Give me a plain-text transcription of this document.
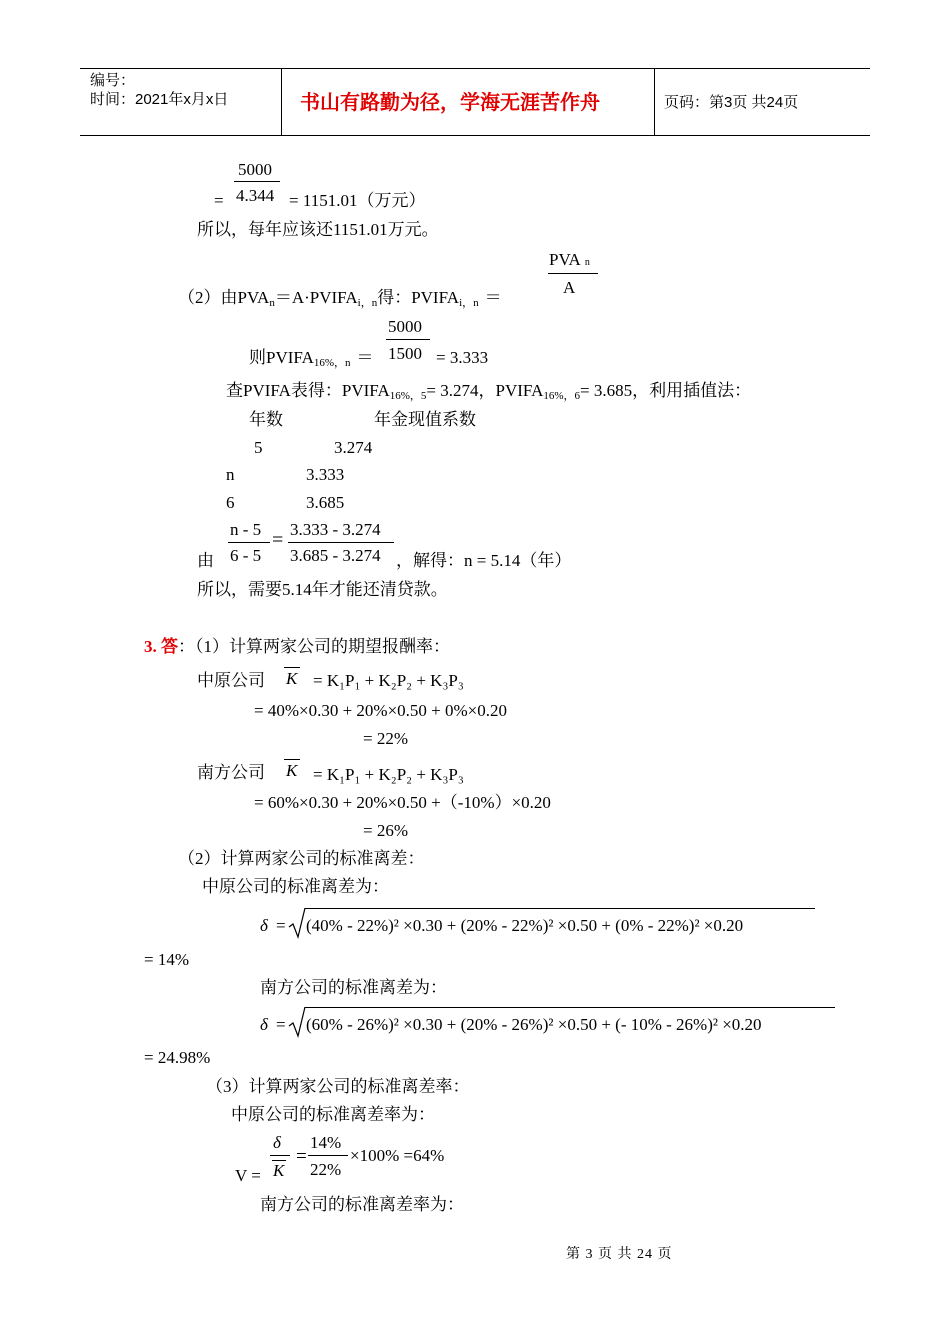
编号：
时间：2021年x月x日	书山有路勤为径，学海无涯苦作舟	页码：第3页 共24页
5000
4.344
=	= 1151.01（万元）
所以，每年应该还1151.01万元。
PVA n
A
（2）由$PVA_n=A\cdot PVIFA_{i,n}$得：$PVIFA_{i,n}$ ＝
5000
1500
则$PVIFA_{16\%,n}$ ＝	= 3.333
查PVIFA表得：$PVIFA_{16\%,5}= 3.274$，$PVIFA_{16\%,6}= 3.685$，利用插值法：
年数	年金现值系数
5	3.274
n	3.333
6	3.685
n - 5
6 - 5
= 3.333 - 3.274
3.685 - 3.274
由	，解得：n = 5.14（年）
所以，需要5.14年才能还清贷款。
3. 答：（1）计算两家公司的期望报酬率：
中原公司 K = K₁P₁ + K₂P₂ + K₃P₃
= 40%×0.30 + 20%×0.50 + 0%×0.20
= 22%
南方公司 K = K₁P₁ + K₂P₂ + K₃P₃
= 60%×0.30 + 20%×0.50 +（-10%）×0.20
= 26%
（2）计算两家公司的标准离差：
中原公司的标准离差为：
δ = (40% - 22%)² ×0.30 + (20% - 22%)² ×0.50 + (0% - 22%)² ×0.20
= 14%
南方公司的标准离差为：
δ = (60% - 26%)² ×0.30 + (20% - 26%)² ×0.50 + (- 10% - 26%)² ×0.20
= 24.98%
（3）计算两家公司的标准离差率：
中原公司的标准离差率为：
δ
K
=
14%
22%
×100% =64%
V =
南方公司的标准离差率为：
第 3 页 共 24 页
